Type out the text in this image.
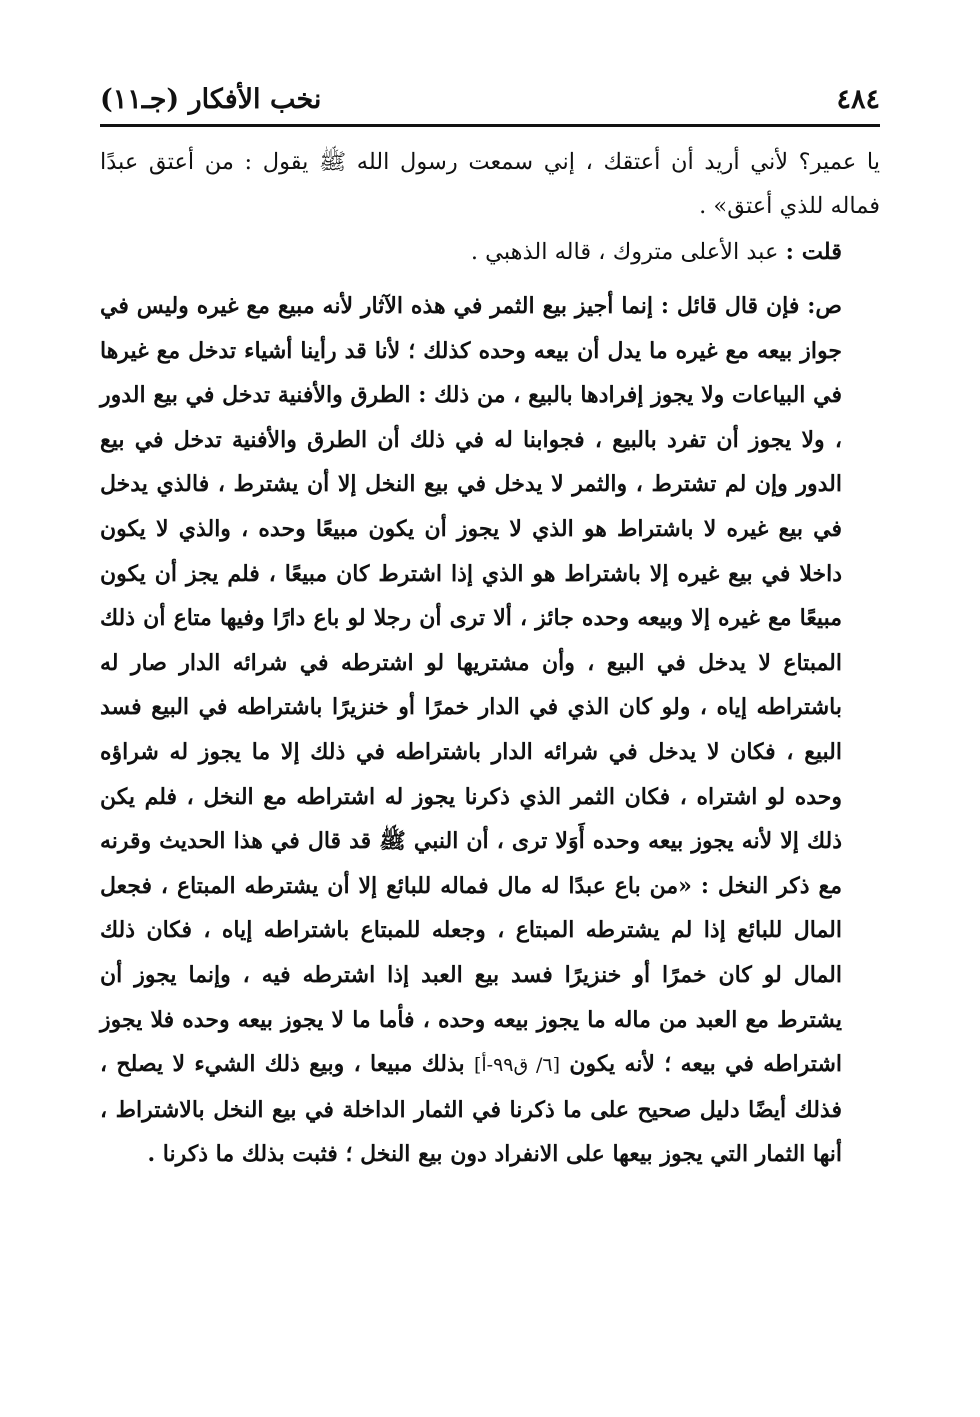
٤٨٤
نخب الأفكار (جـ١١)

يا عمير؟ لأني أريد أن أعتقك ، إني سمعت رسول الله ﷺ يقول : من أعتق عبدًا فماله للذي أعتق» .

قلت : عبد الأعلى متروك ، قاله الذهبي .

ص: فإن قال قائل : إنما أجيز بيع الثمر في هذه الآثار لأنه مبيع مع غيره وليس في جواز بيعه مع غيره ما يدل أن بيعه وحده كذلك ؛ لأنا قد رأينا أشياء تدخل مع غيرها في البياعات ولا يجوز إفرادها بالبيع ، من ذلك : الطرق والأفنية تدخل في بيع الدور ، ولا يجوز أن تفرد بالبيع ، فجوابنا له في ذلك أن الطرق والأفنية تدخل في بيع الدور وإن لم تشترط ، والثمر لا يدخل في بيع النخل إلا أن يشترط ، فالذي يدخل في بيع غيره لا باشتراط هو الذي لا يجوز أن يكون مبيعًا وحده ، والذي لا يكون داخلا في بيع غيره إلا باشتراط هو الذي إذا اشترط كان مبيعًا ، فلم يجز أن يكون مبيعًا مع غيره إلا وبيعه وحده جائز ، ألا ترى أن رجلا لو باع دارًا وفيها متاع أن ذلك المبتاع لا يدخل في البيع ، وأن مشتريها لو اشترطه في شرائه الدار صار له باشتراطه إياه ، ولو كان الذي في الدار خمرًا أو خنزيرًا باشتراطه في البيع فسد البيع ، فكان لا يدخل في شرائه الدار باشتراطه في ذلك إلا ما يجوز له شراؤه وحده لو اشتراه ، فكان الثمر الذي ذكرنا يجوز له اشتراطه مع النخل ، فلم يكن ذلك إلا لأنه يجوز بيعه وحده أَوَلا ترى ، أن النبي ﷺ قد قال في هذا الحديث وقرنه مع ذكر النخل : «من باع عبدًا له مال فماله للبائع إلا أن يشترطه المبتاع ، فجعل المال للبائع إذا لم يشترطه المبتاع ، وجعله للمبتاع باشتراطه إياه ، فكان ذلك المال لو كان خمرًا أو خنزيرًا فسد بيع العبد إذا اشترطه فيه ، وإنما يجوز أن يشترط مع العبد من ماله ما يجوز بيعه وحده ، فأما ما لا يجوز بيعه وحده فلا يجوز اشتراطه في بيعه ؛ لأنه يكون [٦/ ق٩٩-أ] بذلك مبيعا ، وبيع ذلك الشيء لا يصلح ، فذلك أيضًا دليل صحيح على ما ذكرنا في الثمار الداخلة في بيع النخل بالاشتراط ، أنها الثمار التي يجوز بيعها على الانفراد دون بيع النخل ؛ فثبت بذلك ما ذكرنا .
